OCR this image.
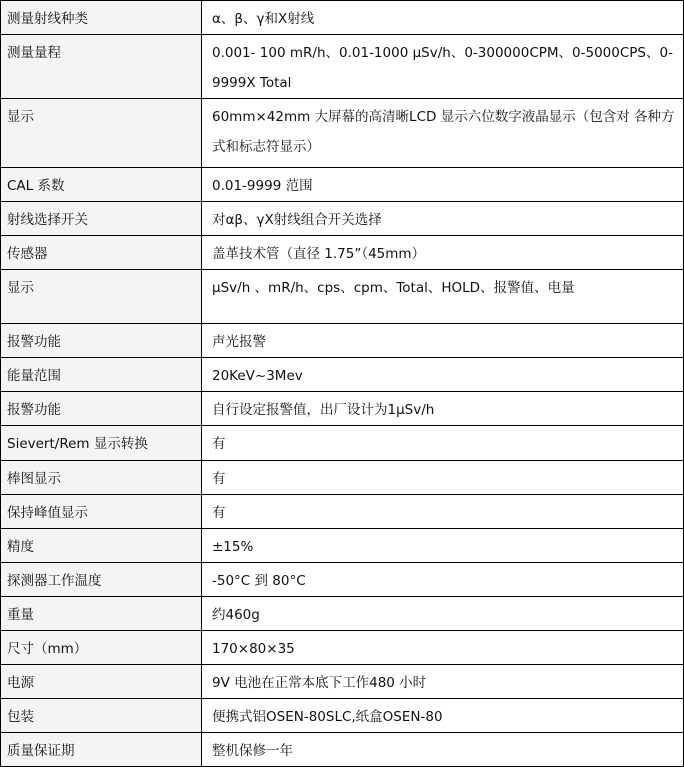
测量射线种类	α、β、γ和X射线
测量量程	0.001- 100 mR/h、0.01-1000 μSv/h、0-300000CPM、0-5000CPS、0-9999X Total
显示	60mm×42mm 大屏幕的高清晰LCD 显示六位数字液晶显示（包含对 各种方式和标志符显示）
CAL 系数	0.01-9999 范围
射线选择开关	对αβ、γX射线组合开关选择
传感器	盖革技术管（直径 1.75”（45mm）
显示	μSv/h 、mR/h、cps、cpm、Total、HOLD、报警值、电量
报警功能	声光报警
能量范围	20KeV~3Mev
报警功能	自行设定报警值，出厂设计为1μSv/h
Sievert/Rem 显示转换	有
棒图显示	有
保持峰值显示	有
精度	±15%
探测器工作温度	-50°C 到 80°C
重量	约460g
尺寸（mm）	170×80×35
电源	9V 电池在正常本底下工作480 小时
包装	便携式铝OSEN-80SLC,纸盒OSEN-80
质量保证期	整机保修一年
